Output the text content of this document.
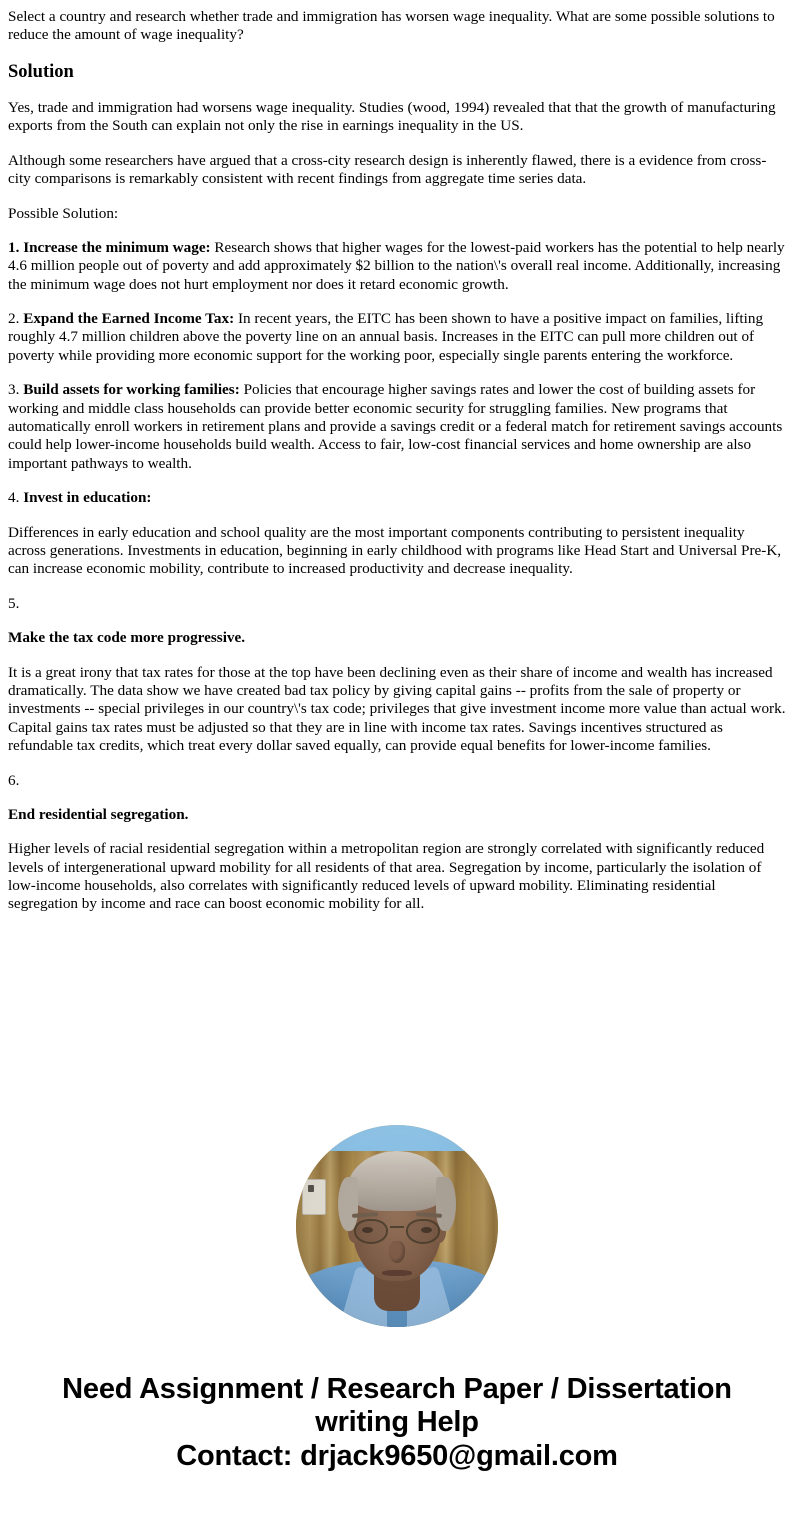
Select a country and research whether trade and immigration has worsen wage inequality. What are some possible solutions to reduce the amount of wage inequality?

Solution

Yes, trade and immigration had worsens wage inequality. Studies (wood, 1994) revealed that that the growth of manufacturing exports from the South can explain not only the rise in earnings inequality in the US.

Although some researchers have argued that a cross-city research design is inherently flawed, there is a evidence from cross-city comparisons is remarkably consistent with recent findings from aggregate time series data.

Possible Solution:

1. Increase the minimum wage: Research shows that higher wages for the lowest-paid workers has the potential to help nearly 4.6 million people out of poverty and add approximately $2 billion to the nation\'s overall real income. Additionally, increasing the minimum wage does not hurt employment nor does it retard economic growth.

2. Expand the Earned Income Tax: In recent years, the EITC has been shown to have a positive impact on families, lifting roughly 4.7 million children above the poverty line on an annual basis. Increases in the EITC can pull more children out of poverty while providing more economic support for the working poor, especially single parents entering the workforce.

3. Build assets for working families: Policies that encourage higher savings rates and lower the cost of building assets for working and middle class households can provide better economic security for struggling families. New programs that automatically enroll workers in retirement plans and provide a savings credit or a federal match for retirement savings accounts could help lower-income households build wealth. Access to fair, low-cost financial services and home ownership are also important pathways to wealth.

4. Invest in education:

Differences in early education and school quality are the most important components contributing to persistent inequality across generations. Investments in education, beginning in early childhood with programs like Head Start and Universal Pre-K, can increase economic mobility, contribute to increased productivity and decrease inequality.

5.

Make the tax code more progressive.

It is a great irony that tax rates for those at the top have been declining even as their share of income and wealth has increased dramatically. The data show we have created bad tax policy by giving capital gains -- profits from the sale of property or investments -- special privileges in our country\'s tax code; privileges that give investment income more value than actual work. Capital gains tax rates must be adjusted so that they are in line with income tax rates. Savings incentives structured as refundable tax credits, which treat every dollar saved equally, can provide equal benefits for lower-income families.

6.

End residential segregation.

Higher levels of racial residential segregation within a metropolitan region are strongly correlated with significantly reduced levels of intergenerational upward mobility for all residents of that area. Segregation by income, particularly the isolation of low-income households, also correlates with significantly reduced levels of upward mobility. Eliminating residential segregation by income and race can boost economic mobility for all.

Need Assignment / Research Paper / Dissertation
writing Help
Contact: drjack9650@gmail.com
